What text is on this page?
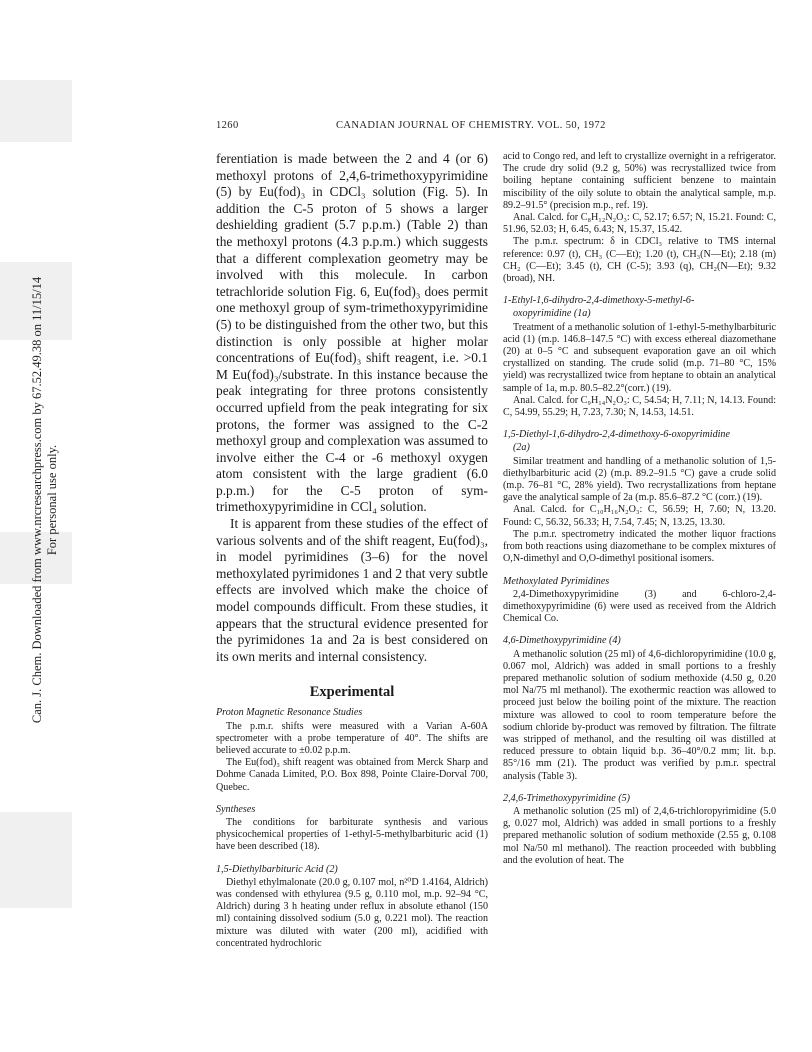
Can. J. Chem. Downloaded from www.nrcresearchpress.com by 67.52.49.38 on 11/15/14 For personal use only.
1260	CANADIAN JOURNAL OF CHEMISTRY. VOL. 50, 1972

ferentiation is made between the 2 and 4 (or 6) methoxyl protons of 2,4,6-trimethoxypyrimidine (5) by Eu(fod)₃ in CDCl₃ solution (Fig. 5). In addition the C-5 proton of 5 shows a larger deshielding gradient (5.7 p.p.m.) (Table 2) than the methoxyl protons (4.3 p.p.m.) which suggests that a different complexation geometry may be involved with this molecule. In carbon tetrachloride solution Fig. 6, Eu(fod)₃ does permit one methoxyl group of sym-trimethoxypyrimidine (5) to be distinguished from the other two, but this distinction is only possible at higher molar concentrations of Eu(fod)₃ shift reagent, i.e. >0.1 M Eu(fod)₃/substrate. In this instance because the peak integrating for three protons consistently occurred upfield from the peak integrating for six protons, the former was assigned to the C-2 methoxyl group and complexation was assumed to involve either the C-4 or -6 methoxyl oxygen atom consistent with the large gradient (6.0 p.p.m.) for the C-5 proton of sym-trimethoxypyrimidine in CCl₄ solution.

It is apparent from these studies of the effect of various solvents and of the shift reagent, Eu(fod)₃, in model pyrimidines (3–6) for the novel methoxylated pyrimidones 1 and 2 that very subtle effects are involved which make the choice of model compounds difficult. From these studies, it appears that the structural evidence presented for the pyrimidones 1a and 2a is best considered on its own merits and internal consistency.

Experimental
Proton Magnetic Resonance Studies

The p.m.r. shifts were measured with a Varian A-60A spectrometer with a probe temperature of 40°. The shifts are believed accurate to ±0.02 p.p.m.

The Eu(fod)₃ shift reagent was obtained from Merck Sharp and Dohme Canada Limited, P.O. Box 898, Pointe Claire-Dorval 700, Quebec.

Syntheses

The conditions for barbiturate synthesis and various physicochemical properties of 1-ethyl-5-methylbarbituric acid (1) have been described (18).

1,5-Diethylbarbituric Acid (2)

Diethyl ethylmalonate (20.0 g, 0.107 mol, n²⁰D 1.4164, Aldrich) was condensed with ethylurea (9.5 g, 0.110 mol, m.p. 92–94 °C, Aldrich) during 3 h heating under reflux in absolute ethanol (150 ml) containing dissolved sodium (5.0 g, 0.221 mol). The reaction mixture was diluted with water (200 ml), acidified with concentrated hydrochloric

acid to Congo red, and left to crystallize overnight in a refrigerator. The crude dry solid (9.2 g, 50%) was recrystallized twice from boiling heptane containing sufficient benzene to maintain miscibility of the oily solute to obtain the analytical sample, m.p. 89.2–91.5° (precision m.p., ref. 19).

Anal. Calcd. for C₈H₁₂N₂O₃: C, 52.17; 6.57; N, 15.21. Found: C, 51.96, 52.03; H, 6.45, 6.43; N, 15.37, 15.42.

The p.m.r. spectrum: δ in CDCl₃ relative to TMS internal reference: 0.97 (t), CH₃ (C—Et); 1.20 (t), CH₃(N—Et); 2.18 (m) CH₂ (C—Et); 3.45 (t), CH (C-5); 3.93 (q), CH₂(N—Et); 9.32 (broad), NH.

1-Ethyl-1,6-dihydro-2,4-dimethoxy-5-methyl-6-
oxopyrimidine (1a)

Treatment of a methanolic solution of 1-ethyl-5-methylbarbituric acid (1) (m.p. 146.8–147.5 °C) with excess ethereal diazomethane (20) at 0–5 °C and subsequent evaporation gave an oil which crystallized on standing. The crude solid (m.p. 71–80 °C, 15% yield) was recrystallized twice from heptane to obtain an analytical sample of 1a, m.p. 80.5–82.2°(corr.) (19).

Anal. Calcd. for C₉H₁₄N₂O₃: C, 54.54; H, 7.11; N, 14.13. Found: C, 54.99, 55.29; H, 7.23, 7.30; N, 14.53, 14.51.

1,5-Diethyl-1,6-dihydro-2,4-dimethoxy-6-oxopyrimidine
(2a)

Similar treatment and handling of a methanolic solution of 1,5-diethylbarbituric acid (2) (m.p. 89.2–91.5 °C) gave a crude solid (m.p. 76–81 °C, 28% yield). Two recrystallizations from heptane gave the analytical sample of 2a (m.p. 85.6–87.2 °C (corr.) (19).

Anal. Calcd. for C₁₀H₁₆N₂O₃: C, 56.59; H, 7.60; N, 13.20. Found: C, 56.32, 56.33; H, 7.54, 7.45; N, 13.25, 13.30.

The p.m.r. spectrometry indicated the mother liquor fractions from both reactions using diazomethane to be complex mixtures of O,N-dimethyl and O,O-dimethyl positional isomers.

Methoxylated Pyrimidines

2,4-Dimethoxypyrimidine (3) and 6-chloro-2,4-dimethoxypyrimidine (6) were used as received from the Aldrich Chemical Co.

4,6-Dimethoxypyrimidine (4)

A methanolic solution (25 ml) of 4,6-dichloropyrimidine (10.0 g, 0.067 mol, Aldrich) was added in small portions to a freshly prepared methanolic solution of sodium methoxide (4.50 g, 0.20 mol Na/75 ml methanol). The exothermic reaction was allowed to proceed just below the boiling point of the mixture. The reaction mixture was allowed to cool to room temperature before the sodium chloride by-product was removed by filtration. The filtrate was stripped of methanol, and the resulting oil was distilled at reduced pressure to obtain liquid b.p. 36–40°/0.2 mm; lit. b.p. 85°/16 mm (21). The product was verified by p.m.r. spectral analysis (Table 3).

2,4,6-Trimethoxypyrimidine (5)

A methanolic solution (25 ml) of 2,4,6-trichloropyrimidine (5.0 g, 0.027 mol, Aldrich) was added in small portions to a freshly prepared methanolic solution of sodium methoxide (2.55 g, 0.108 mol Na/50 ml methanol). The reaction proceeded with bubbling and the evolution of heat. The
